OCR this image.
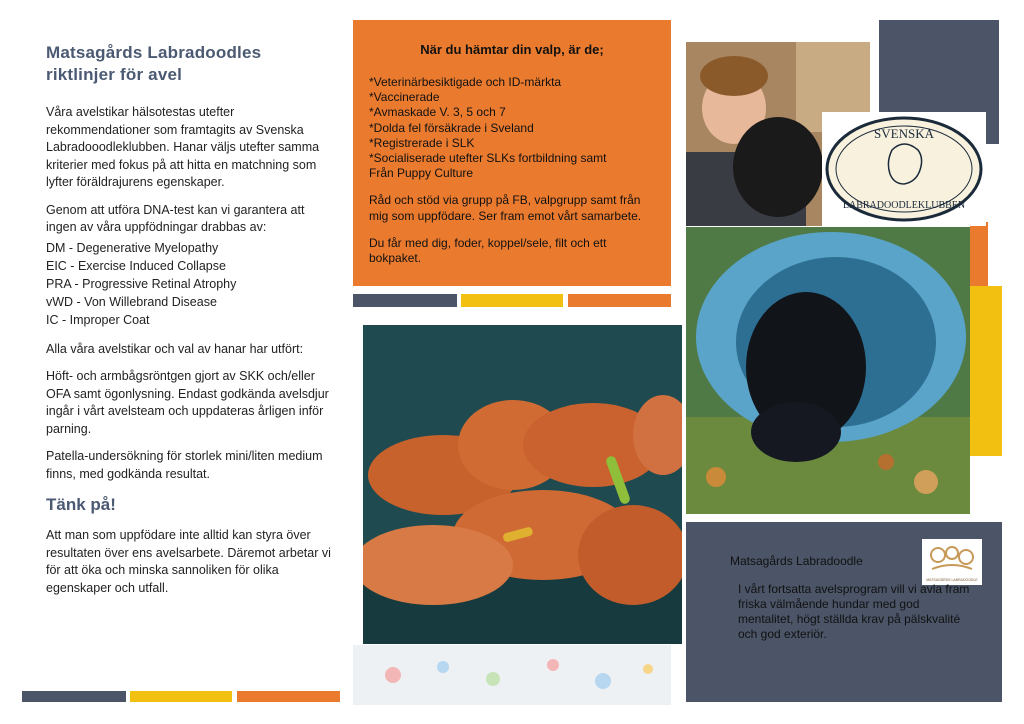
Matsagårds Labradoodles
riktlinjer för avel

Våra avelstikar hälsotestas utefter rekommendationer som framtagits av Svenska Labradooodleklubben. Hanar väljs utefter samma kriterier med fokus på att hitta en matchning som lyfter föräldrajurens egenskaper.

Genom att utföra DNA-test kan vi garantera att ingen av våra uppfödningar drabbas av:

DM - Degenerative Myelopathy

EIC - Exercise Induced Collapse

PRA - Progressive Retinal Atrophy

vWD - Von Willebrand Disease

IC - Improper Coat

Alla våra avelstikar och val av hanar har utfört:

Höft- och armbågsröntgen gjort av SKK och/eller OFA samt ögonlysning. Endast godkända avelsdjur ingår i vårt avelsteam och uppdateras årligen inför parning.

Patella-undersökning för storlek mini/liten medium finns, med godkända resultat.

Tänk på!

Att man som uppfödare inte alltid kan styra över resultaten över ens avelsarbete. Däremot arbetar vi för att öka och minska sannoliken för olika egenskaper och utfall.

När du hämtar din valp, är de;

*Veterinärbesiktigade och ID-märkta

*Vaccinerade

*Avmaskade V. 3, 5 och 7

*Dolda fel försäkrade i Sveland

*Registrerade i SLK

*Socialiserade utefter SLKs fortbildning samt

Från Puppy Culture

Råd och stöd via grupp på FB, valpgrupp samt från mig som uppfödare. Ser fram emot vårt samarbete.

Du får med dig, foder, koppel/sele, filt och ett bokpaket.

SVENSKA
LABRADOODLEKLUBBEN
Matsagårds Labradoodle
MATSAGÅRDS LABRADOODLE
I vårt fortsatta avelsprogram vill vi avla fram friska välmående hundar med god mentalitet, högt ställda krav på pälskvalité och god exteriör.
